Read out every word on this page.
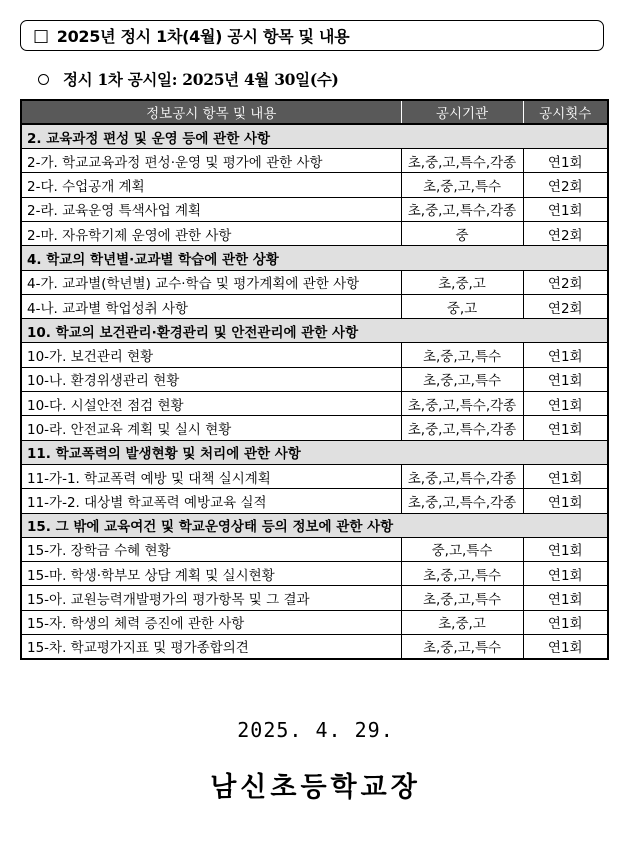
□ 2025년 정시 1차(4월) 공시 항목 및 내용
정시 1차 공시일: 2025년 4월 30일(수)
정보공시 항목 및 내용	공시기관	공시횟수
2. 교육과정 편성 및 운영 등에 관한 사항		
2-가. 학교교육과정 편성·운영 및 평가에 관한 사항	초,중,고,특수,각종	연1회
2-다. 수업공개 계획	초,중,고,특수	연2회
2-라. 교육운영 특색사업 계획	초,중,고,특수,각종	연1회
2-마. 자유학기제 운영에 관한 사항	중	연2회
4. 학교의 학년별·교과별 학습에 관한 상황		
4-가. 교과별(학년별) 교수·학습 및 평가계획에 관한 사항	초,중,고	연2회
4-나. 교과별 학업성취 사항	중,고	연2회
10. 학교의 보건관리·환경관리 및 안전관리에 관한 사항		
10-가. 보건관리 현황	초,중,고,특수	연1회
10-나. 환경위생관리 현황	초,중,고,특수	연1회
10-다. 시설안전 점검 현황	초,중,고,특수,각종	연1회
10-라. 안전교육 계획 및 실시 현황	초,중,고,특수,각종	연1회
11. 학교폭력의 발생현황 및 처리에 관한 사항		
11-가-1. 학교폭력 예방 및 대책 실시계획	초,중,고,특수,각종	연1회
11-가-2. 대상별 학교폭력 예방교육 실적	초,중,고,특수,각종	연1회
15. 그 밖에 교육여건 및 학교운영상태 등의 정보에 관한 사항		
15-가. 장학금 수혜 현황	중,고,특수	연1회
15-마. 학생·학부모 상담 계획 및 실시현황	초,중,고,특수	연1회
15-아. 교원능력개발평가의 평가항목 및 그 결과	초,중,고,특수	연1회
15-자. 학생의 체력 증진에 관한 사항	초,중,고	연1회
15-차. 학교평가지표 및 평가종합의견	초,중,고,특수	연1회
2025. 4. 29.
남신초등학교장
